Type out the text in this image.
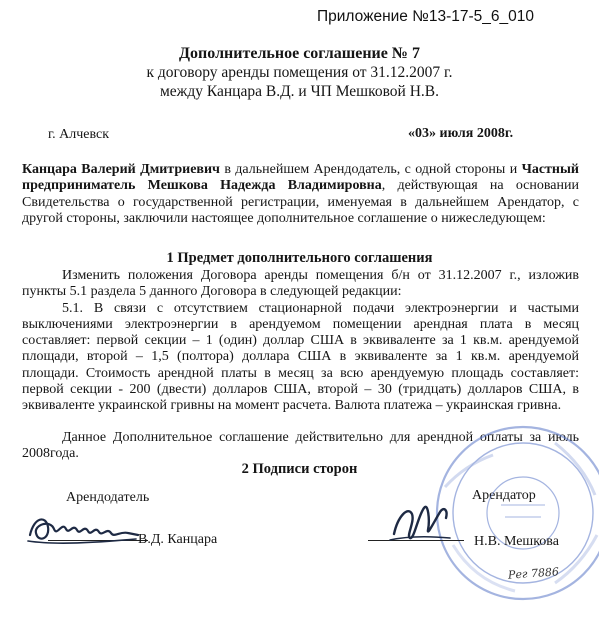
Приложение №13-17-5_6_010
Дополнительное соглашение № 7
к договору аренды помещения от 31.12.2007 г.
между Канцара В.Д. и ЧП Мешковой Н.В.
г. Алчевск	«03» июля 2008г.
Канцара Валерий Дмитриевич в дальнейшем Арендодатель, с одной стороны и Частный предприниматель Мешкова Надежда Владимировна, действующая на основании Свидетельства о государственной регистрации, именуемая в дальнейшем Арендатор, с другой стороны, заключили настоящее дополнительное соглашение о нижеследующем:
1 Предмет дополнительного соглашения

Изменить положения Договора аренды помещения б/н от 31.12.2007 г., изложив пункты 5.1 раздела 5 данного Договора в следующей редакции:

5.1. В связи с отсутствием стационарной подачи электроэнергии и частыми выключениями электроэнергии в арендуемом помещении арендная плата в месяц составляет: первой секции – 1 (один) доллар США в эквиваленте за 1 кв.м. арендуемой площади, второй – 1,5 (полтора) доллара США в эквиваленте за 1 кв.м. арендуемой площади. Стоимость арендной платы в месяц за всю арендуемую площадь составляет: первой секции - 200 (двести) долларов США, второй – 30 (тридцать) долларов США, в эквиваленте украинской гривны на момент расчета. Валюта платежа – украинская гривна.

Данное Дополнительное соглашение действительно для арендной оплаты за июль 2008года.

2 Подписи сторон
Арендодатель	Арендатор
В.Д. Канцара	Н.В. Мешкова
Рег 7886
